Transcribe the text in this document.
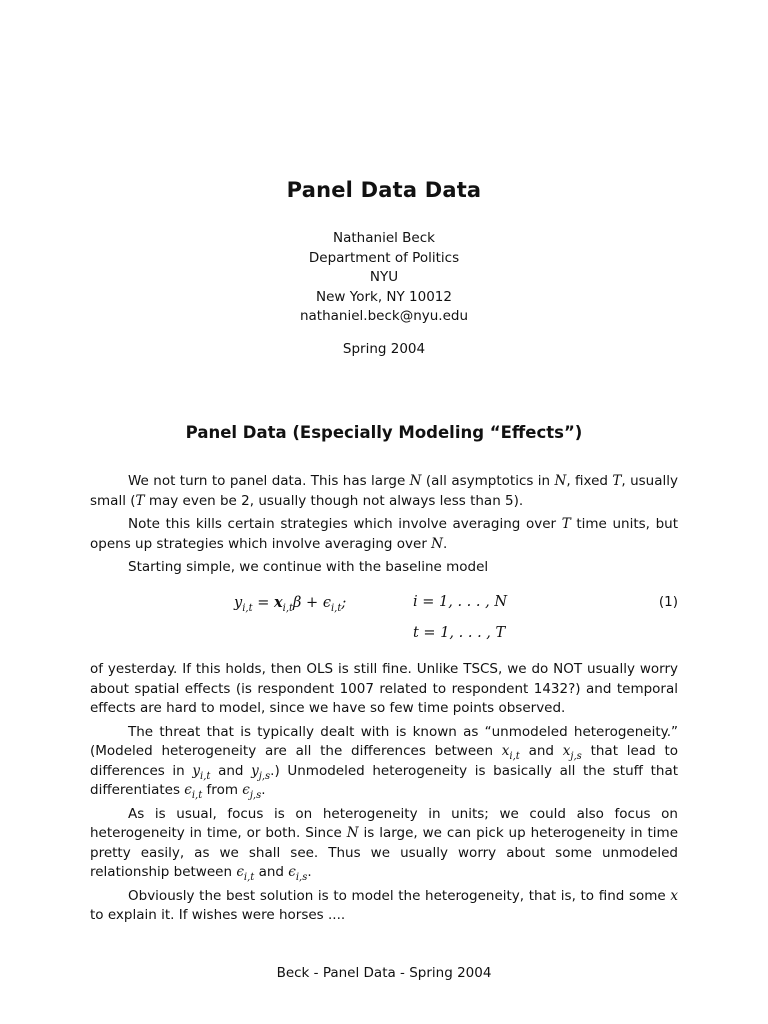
Panel Data Data
Nathaniel Beck
Department of Politics
NYU
New York, NY 10012
nathaniel.beck@nyu.edu
Spring 2004
Panel Data (Especially Modeling “Effects”)

We not turn to panel data. This has large N (all asymptotics in N, fixed T, usually small (T may even be 2, usually though not always less than 5).

Note this kills certain strategies which involve averaging over T time units, but opens up strategies which involve averaging over N.

Starting simple, we continue with the baseline model

$y_{i,t} = x_{i,t}\beta + \epsilon_{i,t}$;	i = 1, . . . , N
t = 1, . . . , T
(1)

of yesterday. If this holds, then OLS is still fine. Unlike TSCS, we do NOT usually worry about spatial effects (is respondent 1007 related to respondent 1432?) and temporal effects are hard to model, since we have so few time points observed.

The threat that is typically dealt with is known as “unmodeled heterogeneity.” (Modeled heterogeneity are all the differences between $x_{i,t}$ and $x_{j,s}$ that lead to differences in $y_{i,t}$ and $y_{j,s}$.) Unmodeled heterogeneity is basically all the stuff that differentiates $\epsilon_{i,t}$ from $\epsilon_{j,s}$.

As is usual, focus is on heterogeneity in units; we could also focus on heterogeneity in time, or both. Since N is large, we can pick up heterogeneity in time pretty easily, as we shall see. Thus we usually worry about some unmodeled relationship between $\epsilon_{i,t}$ and $\epsilon_{i,s}$.

Obviously the best solution is to model the heterogeneity, that is, to find some x to explain it. If wishes were horses ....

Beck - Panel Data - Spring 2004
